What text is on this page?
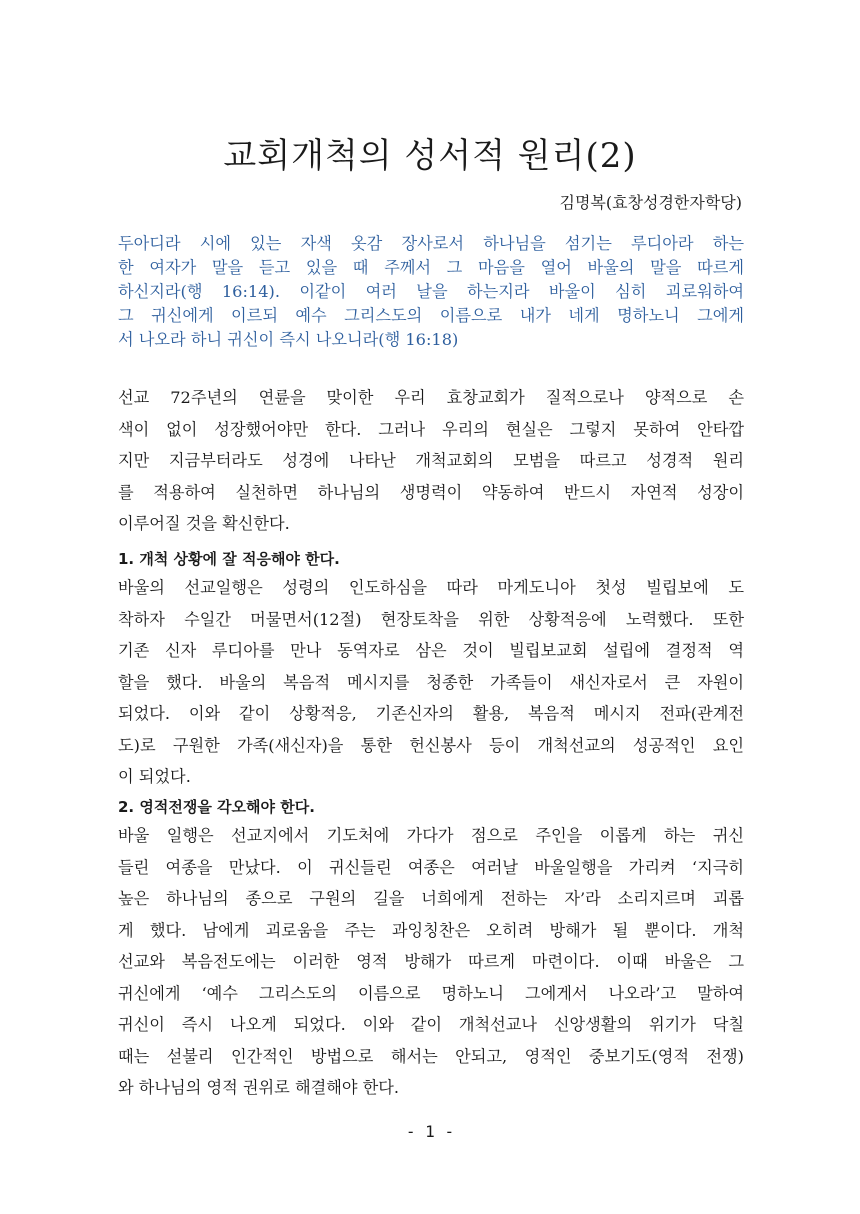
교회개척의 성서적 원리(2)
김명복(효창성경한자학당)
두아디라 시에 있는 자색 옷감 장사로서 하나님을 섬기는 루디아라 하는
한 여자가 말을 듣고 있을 때 주께서 그 마음을 열어 바울의 말을 따르게
하신지라(행 16:14). 이같이 여러 날을 하는지라 바울이 심히 괴로워하여
그 귀신에게 이르되 예수 그리스도의 이름으로 내가 네게 명하노니 그에게
서 나오라 하니 귀신이 즉시 나오니라(행 16:18)
선교 72주년의 연륜을 맞이한 우리 효창교회가 질적으로나 양적으로 손
색이 없이 성장했어야만 한다. 그러나 우리의 현실은 그렇지 못하여 안타깝
지만 지금부터라도 성경에 나타난 개척교회의 모범을 따르고 성경적 원리
를 적용하여 실천하면 하나님의 생명력이 약동하여 반드시 자연적 성장이
이루어질 것을 확신한다.
1. 개척 상황에 잘 적응해야 한다.
바울의 선교일행은 성령의 인도하심을 따라 마게도니아 첫성 빌립보에 도
착하자 수일간 머물면서(12절) 현장토착을 위한 상황적응에 노력했다. 또한
기존 신자 루디아를 만나 동역자로 삼은 것이 빌립보교회 설립에 결정적 역
할을 했다. 바울의 복음적 메시지를 청종한 가족들이 새신자로서 큰 자원이
되었다. 이와 같이 상황적응, 기존신자의 활용, 복음적 메시지 전파(관계전
도)로 구원한 가족(새신자)을 통한 헌신봉사 등이 개척선교의 성공적인 요인
이 되었다.
2. 영적전쟁을 각오해야 한다.
바울 일행은 선교지에서 기도처에 가다가 점으로 주인을 이롭게 하는 귀신
들린 여종을 만났다. 이 귀신들린 여종은 여러날 바울일행을 가리켜 ‘지극히
높은 하나님의 종으로 구원의 길을 너희에게 전하는 자’라 소리지르며 괴롭
게 했다. 남에게 괴로움을 주는 과잉칭찬은 오히려 방해가 될 뿐이다. 개척
선교와 복음전도에는 이러한 영적 방해가 따르게 마련이다. 이때 바울은 그
귀신에게 ‘예수 그리스도의 이름으로 명하노니 그에게서 나오라’고 말하여
귀신이 즉시 나오게 되었다. 이와 같이 개척선교나 신앙생활의 위기가 닥칠
때는 섣불리 인간적인 방법으로 해서는 안되고, 영적인 중보기도(영적 전쟁)
와 하나님의 영적 권위로 해결해야 한다.
- 1 -
